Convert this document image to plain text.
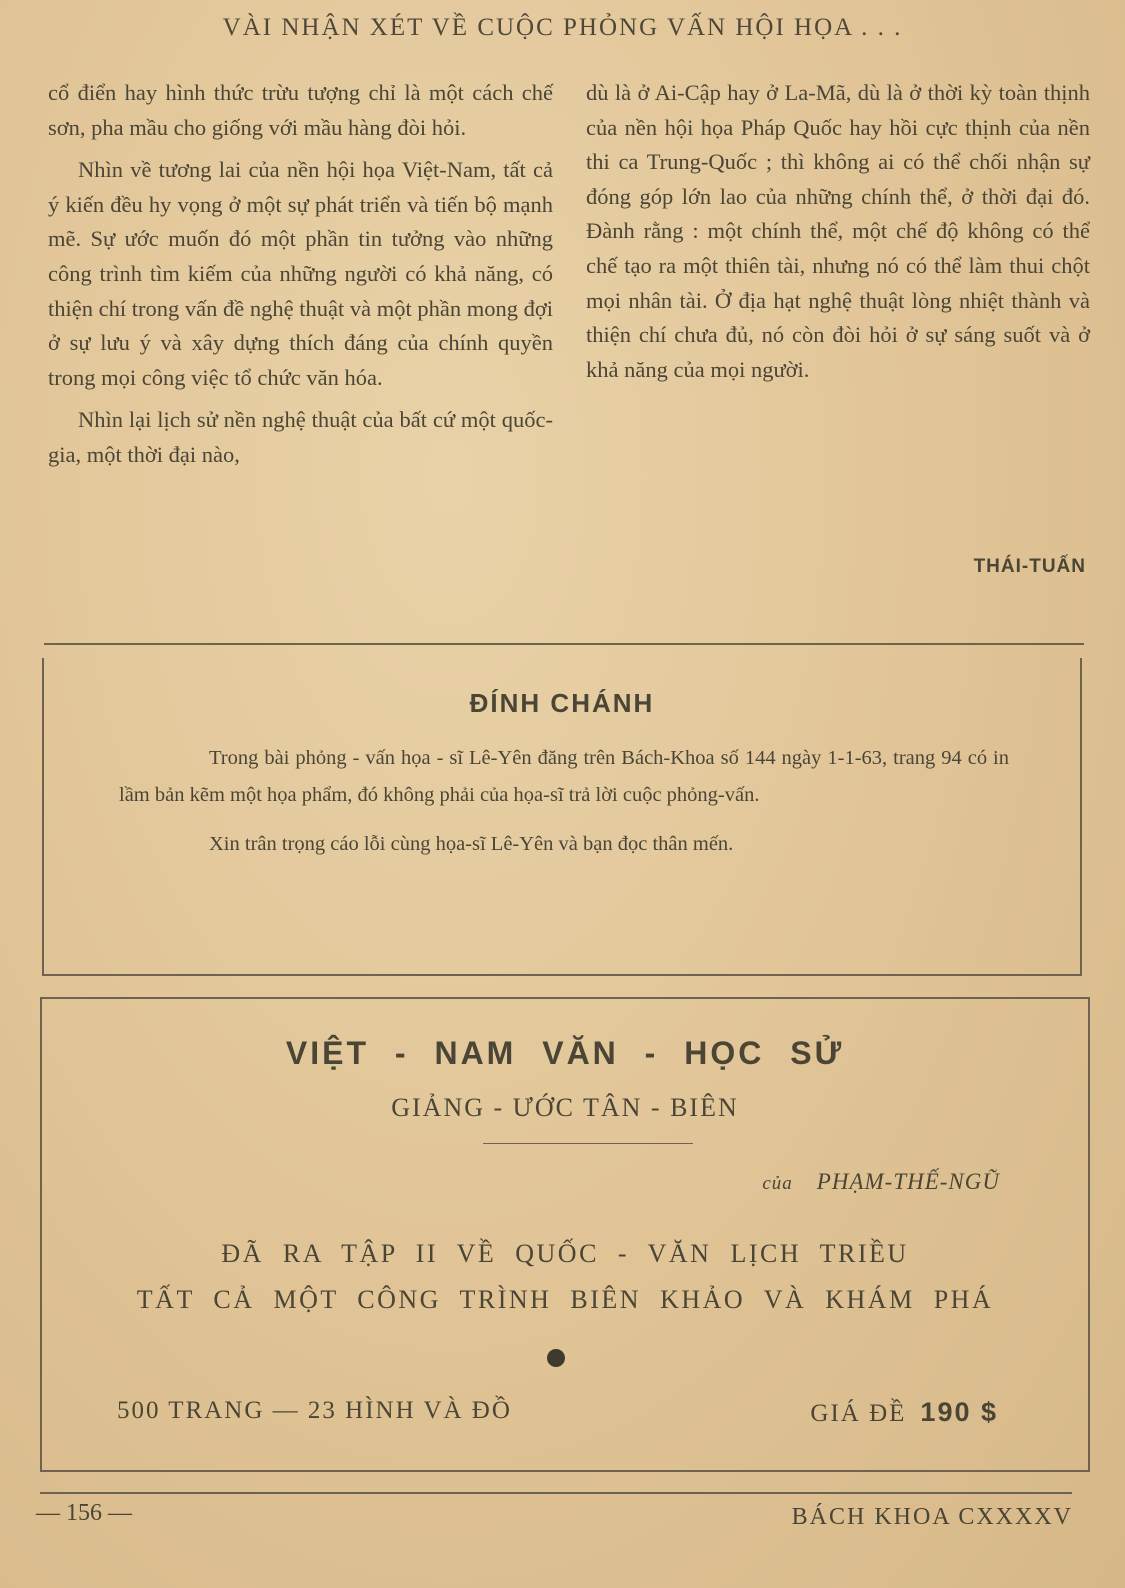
VÀI NHẬN XÉT VỀ CUỘC PHỎNG VẤN HỘI HỌA . . .

cổ điển hay hình thức trừu tượng chỉ là một cách chế sơn, pha mầu cho giống với mầu hàng đòi hỏi.

Nhìn về tương lai của nền hội họa Việt-Nam, tất cả ý kiến đều hy vọng ở một sự phát triển và tiến bộ mạnh mẽ. Sự ước muốn đó một phần tin tưởng vào những công trình tìm kiếm của những người có khả năng, có thiện chí trong vấn đề nghệ thuật và một phần mong đợi ở sự lưu ý và xây dựng thích đáng của chính quyền trong mọi công việc tổ chức văn hóa.

Nhìn lại lịch sử nền nghệ thuật của bất cứ một quốc-gia, một thời đại nào,

dù là ở Ai-Cập hay ở La-Mã, dù là ở thời kỳ toàn thịnh của nền hội họa Pháp Quốc hay hồi cực thịnh của nền thi ca Trung-Quốc ; thì không ai có thể chối nhận sự đóng góp lớn lao của những chính thể, ở thời đại đó. Đành rằng : một chính thể, một chế độ không có thể chế tạo ra một thiên tài, nhưng nó có thể làm thui chột mọi nhân tài. Ở địa hạt nghệ thuật lòng nhiệt thành và thiện chí chưa đủ, nó còn đòi hỏi ở sự sáng suốt và ở khả năng của mọi người.

THÁI-TUẤN
ĐÍNH CHÁNH

Trong bài phỏng - vấn họa - sĩ Lê-Yên đăng trên Bách-Khoa số 144 ngày 1-1-63, trang 94 có in lầm bản kẽm một họa phẩm, đó không phải của họa-sĩ trả lời cuộc phỏng-vấn.

Xin trân trọng cáo lỗi cùng họa-sĩ Lê-Yên và bạn đọc thân mến.

VIỆT - NAM VĂN - HỌC SỬ
GIẢNG - ƯỚC TÂN - BIÊN
của PHẠM-THẾ-NGŨ
ĐÃ RA TẬP II VỀ QUỐC - VĂN LỊCH TRIỀU
TẤT CẢ MỘT CÔNG TRÌNH BIÊN KHẢO VÀ KHÁM PHÁ
500 TRANG — 23 HÌNH VÀ ĐỒ	GIÁ ĐỀ 190 $
— 156 —	BÁCH KHOA CXXXXV
